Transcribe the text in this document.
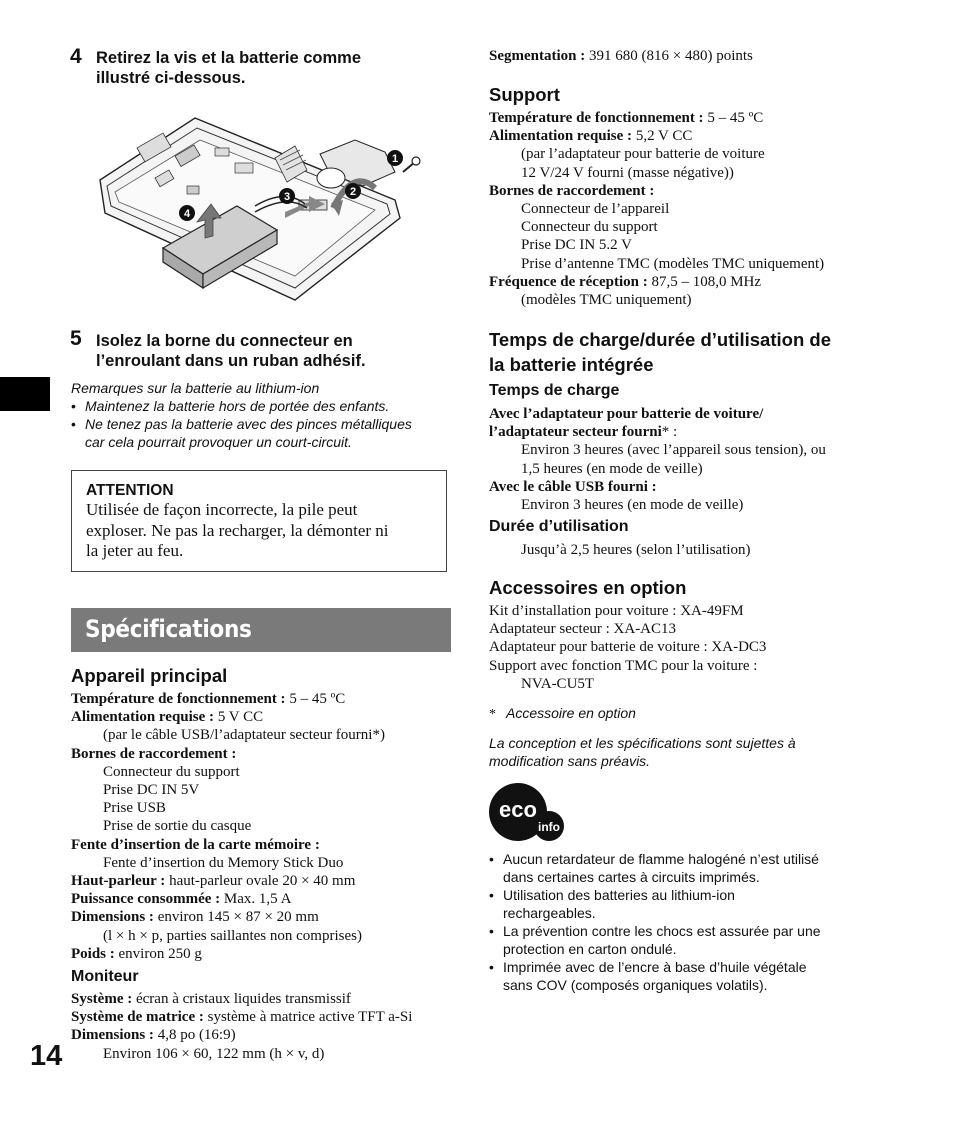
4 Retirez la vis et la batterie comme
illustré ci-dessous.
1
2
3
4
5 Isolez la borne du connecteur en
l’enroulant dans un ruban adhésif.
Remarques sur la batterie au lithium-ion
• Maintenez la batterie hors de portée des enfants.
• Ne tenez pas la batterie avec des pinces métalliques
car cela pourrait provoquer un court-circuit.
ATTENTION
Utilisée de façon incorrecte, la pile peut
exploser. Ne pas la recharger, la démonter ni
la jeter au feu.
Spécifications
Appareil principal
Température de fonctionnement : 5 – 45 ºC
Alimentation requise : 5 V CC
(par le câble USB/l’adaptateur secteur fourni*)
Bornes de raccordement :
Connecteur du support
Prise DC IN 5V
Prise USB
Prise de sortie du casque
Fente d’insertion de la carte mémoire :
Fente d’insertion du Memory Stick Duo
Haut-parleur : haut-parleur ovale 20 × 40 mm
Puissance consommée : Max. 1,5 A
Dimensions : environ 145 × 87 × 20 mm
(l × h × p, parties saillantes non comprises)
Poids : environ 250 g
Moniteur
Système : écran à cristaux liquides transmissif
Système de matrice : système à matrice active TFT a-Si
Dimensions : 4,8 po (16:9)
Environ 106 × 60, 122 mm (h × v, d)
14
Segmentation : 391 680 (816 × 480) points
Support
Température de fonctionnement : 5 – 45 ºC
Alimentation requise : 5,2 V CC
(par l’adaptateur pour batterie de voiture
12 V/24 V fourni (masse négative))
Bornes de raccordement :
Connecteur de l’appareil
Connecteur du support
Prise DC IN 5.2 V
Prise d’antenne TMC (modèles TMC uniquement)
Fréquence de réception : 87,5 – 108,0 MHz
(modèles TMC uniquement)
Temps de charge/durée d’utilisation de
la batterie intégrée
Temps de charge
Avec l’adaptateur pour batterie de voiture/
l’adaptateur secteur fourni* :
Environ 3 heures (avec l’appareil sous tension), ou
1,5 heures (en mode de veille)
Avec le câble USB fourni :
Environ 3 heures (en mode de veille)
Durée d’utilisation
Jusqu’à 2,5 heures (selon l’utilisation)
Accessoires en option
Kit d’installation pour voiture : XA-49FM
Adaptateur secteur : XA-AC13
Adaptateur pour batterie de voiture : XA-DC3
Support avec fonction TMC pour la voiture :
NVA-CU5T
* Accessoire en option
La conception et les spécifications sont sujettes à
modification sans préavis.
eco
info
• Aucun retardateur de flamme halogéné n’est utilisé
dans certaines cartes à circuits imprimés.
• Utilisation des batteries au lithium-ion
rechargeables.
• La prévention contre les chocs est assurée par une
protection en carton ondulé.
• Imprimée avec de l’encre à base d’huile végétale
sans COV (composés organiques volatils).
